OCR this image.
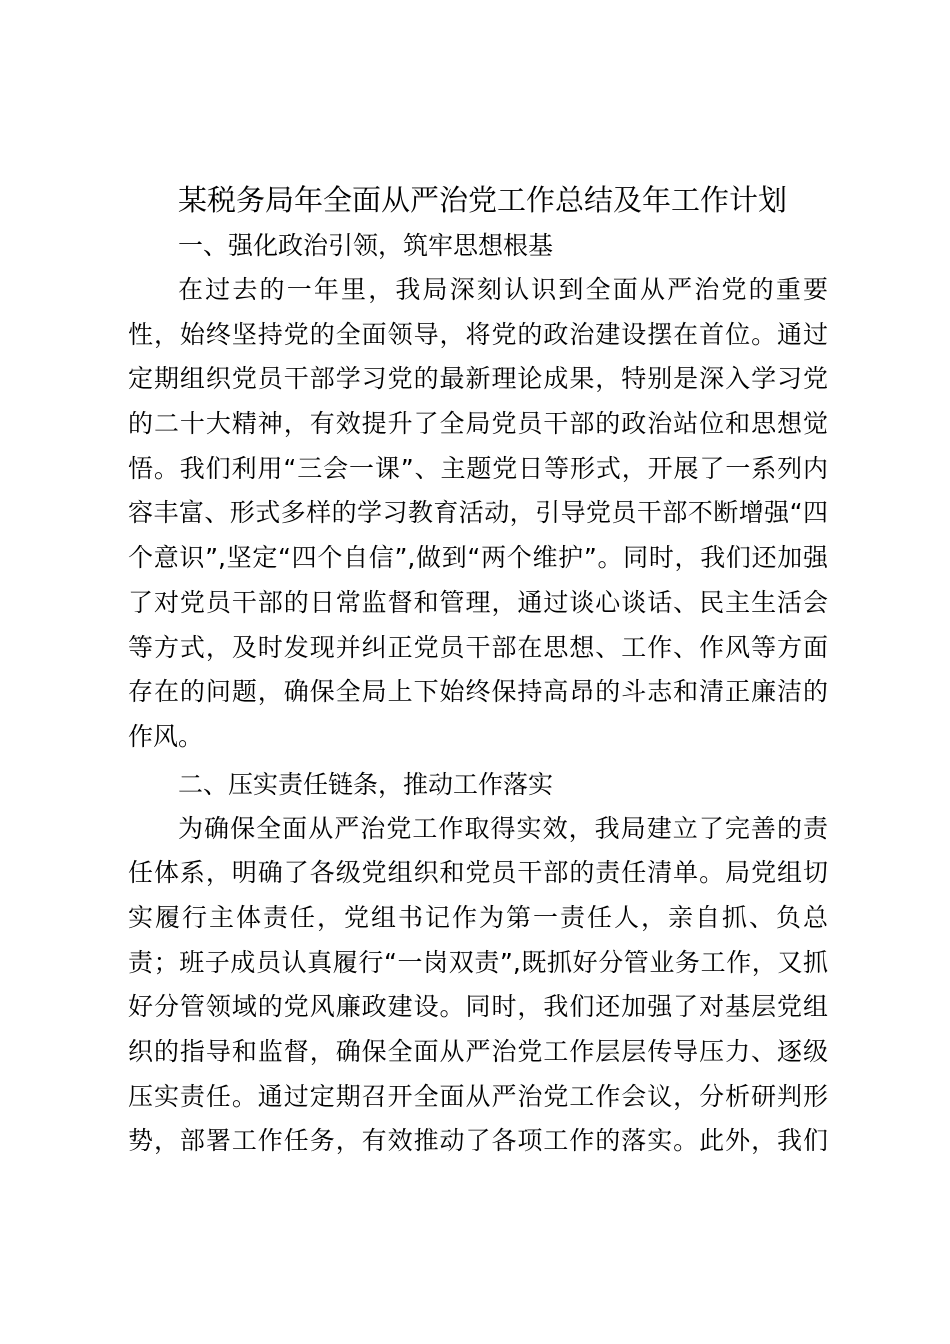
某税务局年全面从严治党工作总结及年工作计划
一、强化政治引领，筑牢思想根基
在过去的一年里，我局深刻认识到全面从严治党的重要
性，始终坚持党的全面领导，将党的政治建设摆在首位。通过
定期组织党员干部学习党的最新理论成果，特别是深入学习党
的二十大精神，有效提升了全局党员干部的政治站位和思想觉
悟。我们利用“三会一课”、主题党日等形式，开展了一系列内
容丰富、形式多样的学习教育活动，引导党员干部不断增强“四
个意识”,坚定“四个自信”,做到“两个维护”。同时，我们还加强
了对党员干部的日常监督和管理，通过谈心谈话、民主生活会
等方式，及时发现并纠正党员干部在思想、工作、作风等方面
存在的问题，确保全局上下始终保持高昂的斗志和清正廉洁的
作风。
二、压实责任链条，推动工作落实
为确保全面从严治党工作取得实效，我局建立了完善的责
任体系，明确了各级党组织和党员干部的责任清单。局党组切
实履行主体责任，党组书记作为第一责任人，亲自抓、负总
责；班子成员认真履行“一岗双责”,既抓好分管业务工作，又抓
好分管领域的党风廉政建设。同时，我们还加强了对基层党组
织的指导和监督，确保全面从严治党工作层层传导压力、逐级
压实责任。通过定期召开全面从严治党工作会议，分析研判形
势，部署工作任务，有效推动了各项工作的落实。此外，我们
